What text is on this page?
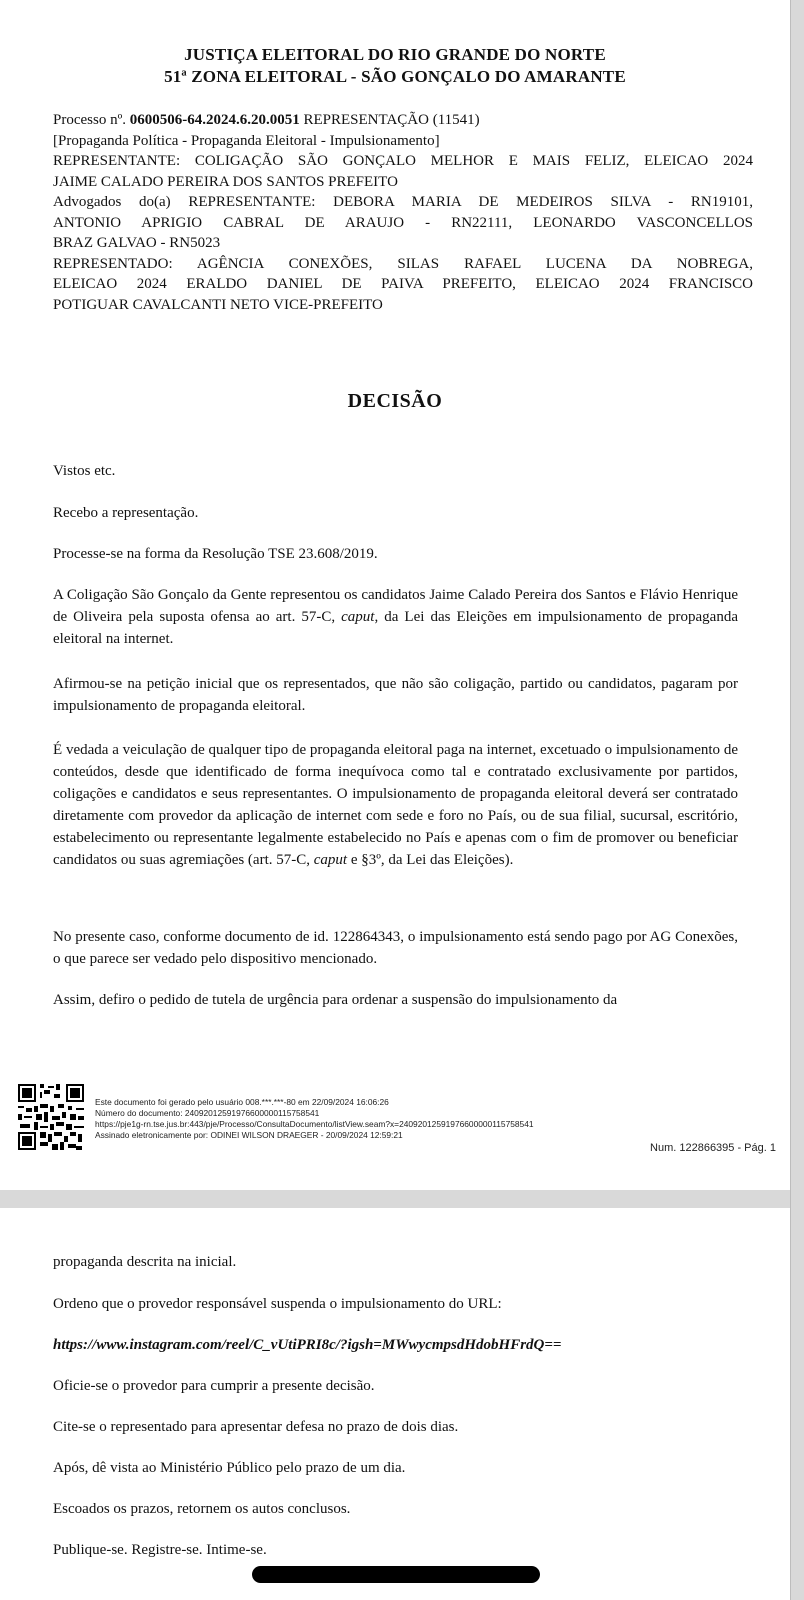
JUSTIÇA ELEITORAL DO RIO GRANDE DO NORTE
51ª ZONA ELEITORAL - SÃO GONÇALO DO AMARANTE
Processo nº. 0600506-64.2024.6.20.0051 REPRESENTAÇÃO (11541)
[Propaganda Política - Propaganda Eleitoral - Impulsionamento]
REPRESENTANTE: COLIGAÇÃO SÃO GONÇALO MELHOR E MAIS FELIZ, ELEICAO 2024
JAIME CALADO PEREIRA DOS SANTOS PREFEITO
Advogados do(a) REPRESENTANTE: DEBORA MARIA DE MEDEIROS SILVA - RN19101,
ANTONIO APRIGIO CABRAL DE ARAUJO - RN22111, LEONARDO VASCONCELLOS
BRAZ GALVAO - RN5023
REPRESENTADO: AGÊNCIA CONEXÕES, SILAS RAFAEL LUCENA DA NOBREGA,
ELEICAO 2024 ERALDO DANIEL DE PAIVA PREFEITO, ELEICAO 2024 FRANCISCO
POTIGUAR CAVALCANTI NETO VICE-PREFEITO
DECISÃO
Vistos etc.
Recebo a representação.
Processe-se na forma da Resolução TSE 23.608/2019.
A Coligação São Gonçalo da Gente representou os candidatos Jaime Calado Pereira dos Santos e Flávio Henrique de Oliveira pela suposta ofensa ao art. 57-C, caput, da Lei das Eleições em impulsionamento de propaganda eleitoral na internet.
Afirmou-se na petição inicial que os representados, que não são coligação, partido ou candidatos, pagaram por impulsionamento de propaganda eleitoral.
É vedada a veiculação de qualquer tipo de propaganda eleitoral paga na internet, excetuado o impulsionamento de conteúdos, desde que identificado de forma inequívoca como tal e contratado exclusivamente por partidos, coligações e candidatos e seus representantes. O impulsionamento de propaganda eleitoral deverá ser contratado diretamente com provedor da aplicação de internet com sede e foro no País, ou de sua filial, sucursal, escritório, estabelecimento ou representante legalmente estabelecido no País e apenas com o fim de promover ou beneficiar candidatos ou suas agremiações (art. 57-C, caput e §3º, da Lei das Eleições).
No presente caso, conforme documento de id. 122864343, o impulsionamento está sendo pago por AG Conexões, o que parece ser vedado pelo dispositivo mencionado.
Assim, defiro o pedido de tutela de urgência para ordenar a suspensão do impulsionamento da
Este documento foi gerado pelo usuário 008.***.***-80 em 22/09/2024 16:06:26
Número do documento: 24092012591976600000115758541
https://pje1g-rn.tse.jus.br:443/pje/Processo/ConsultaDocumento/listView.seam?x=24092012591976600000115758541
Assinado eletronicamente por: ODINEI WILSON DRAEGER - 20/09/2024 12:59:21
Num. 122866395 - Pág. 1
propaganda descrita na inicial.
Ordeno que o provedor responsável suspenda o impulsionamento do URL:
https://www.instagram.com/reel/C_vUtiPRI8c/?igsh=MWwycmpsdHdobHFrdQ==
Oficie-se o provedor para cumprir a presente decisão.
Cite-se o representado para apresentar defesa no prazo de dois dias.
Após, dê vista ao Ministério Público pelo prazo de um dia.
Escoados os prazos, retornem os autos conclusos.
Publique-se. Registre-se. Intime-se.
